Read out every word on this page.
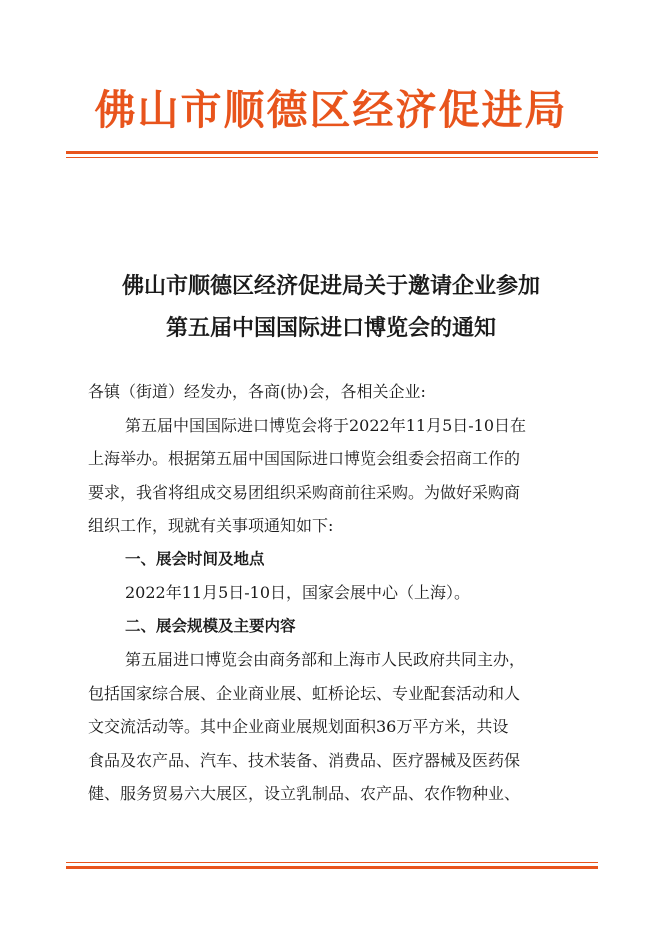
佛山市顺德区经济促进局
佛山市顺德区经济促进局关于邀请企业参加
第五届中国国际进口博览会的通知
各镇（街道）经发办，各商(协)会，各相关企业:
第五届中国国际进口博览会将于2022年11月5日-10日在
上海举办。根据第五届中国国际进口博览会组委会招商工作的
要求，我省将组成交易团组织采购商前往采购。为做好采购商
组织工作，现就有关事项通知如下:
一、展会时间及地点
2022年11月5日-10日，国家会展中心（上海）。
二、展会规模及主要内容
第五届进口博览会由商务部和上海市人民政府共同主办，
包括国家综合展、企业商业展、虹桥论坛、专业配套活动和人
文交流活动等。其中企业商业展规划面积36万平方米，共设
食品及农产品、汽车、技术装备、消费品、医疗器械及医药保
健、服务贸易六大展区，设立乳制品、农产品、农作物种业、
